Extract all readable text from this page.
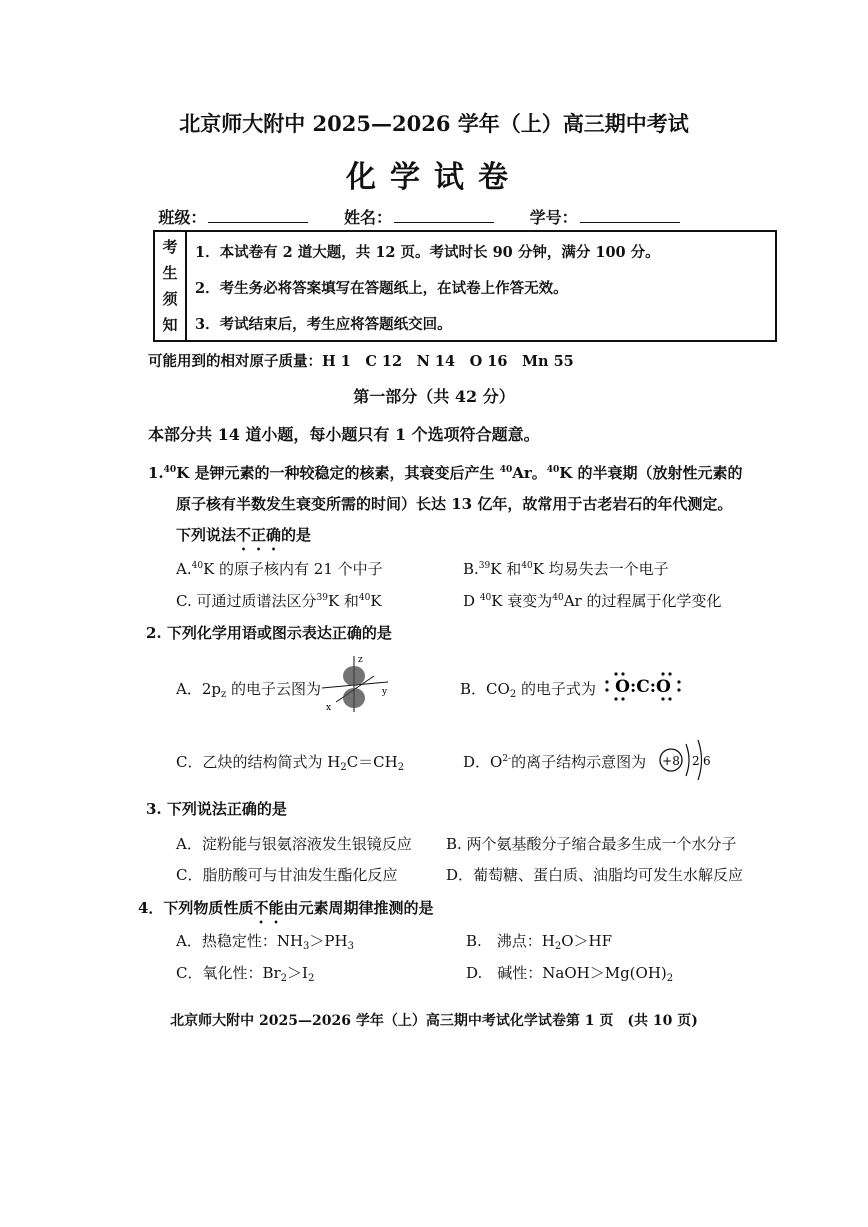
北京师大附中 2025—2026 学年（上）高三期中考试
化学试卷
班级：	姓名：	学号：
考
生
须
知
1．本试卷有 2 道大题，共 12 页。考试时长 90 分钟，满分 100 分。
2．考生务必将答案填写在答题纸上，在试卷上作答无效。
3．考试结束后，考生应将答题纸交回。
可能用到的相对原子质量：H 1　C 12　N 14　O 16　Mn 55
第一部分（共 42 分）
本部分共 14 道小题，每小题只有 1 个选项符合题意。
1.40K 是钾元素的一种较稳定的核素，其衰变后产生 $^{40}$Ar。$^{40}$K 的半衰期（放射性元素的
原子核有半数发生衰变所需的时间）长达 13 亿年，故常用于古老岩石的年代测定。
下列说法不正确的是
A.$^{40}$K 的原子核内有 21 个中子	B.$^{39}$K 和$^{40}$K 均易失去一个电子
C. 可通过质谱法区分$^{39}$K 和$^{40}$K	D $^{40}$K 衰变为$^{40}$Ar 的过程属于化学变化
2. 下列化学用语或图示表达正确的是
A．$2p_z$ 的电子云图为
z
y
x
B．$CO_2$ 的电子式为 O:C:O
C．乙炔的结构简式为 $H_2C=CH_2$	D．$O^{2-}$的离子结构示意图为 +8 2 6
3. 下列说法正确的是
A．淀粉能与银氨溶液发生银镜反应 B. 两个氨基酸分子缩合最多生成一个水分子
C．脂肪酸可与甘油发生酯化反应	D．葡萄糖、蛋白质、油脂均可发生水解反应
4．下列物质性质不能由元素周期律推测的是
A．热稳定性：$NH_3>PH_3$	B.　沸点：$H_2O>HF$
C．氧化性：$Br_2>I_2$	D.　碱性：$NaOH>Mg(OH)_2$
北京师大附中 2025—2026 学年（上）高三期中考试化学试卷第 1 页　(共 10 页)
